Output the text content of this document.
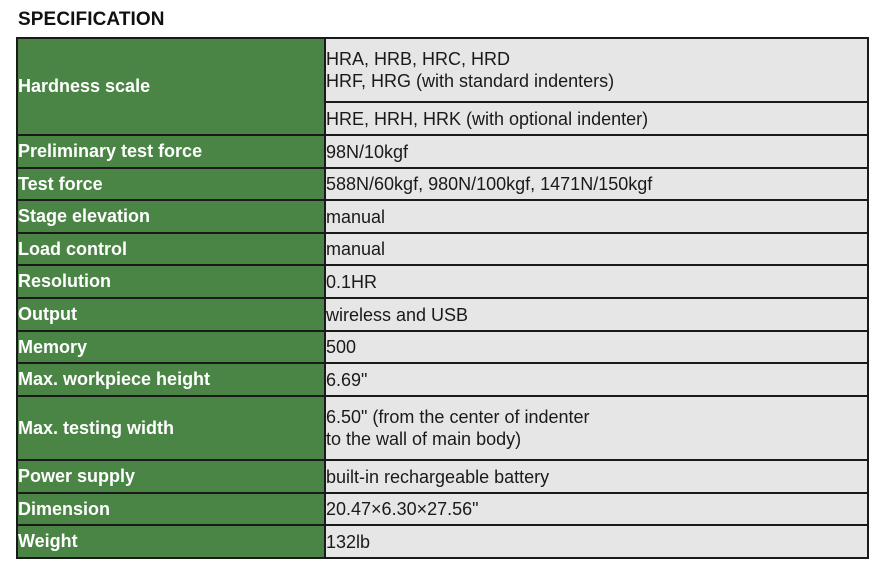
SPECIFICATION
Hardness scale	HRA, HRB, HRC, HRD
HRF, HRG (with standard indenters)

	HRE, HRH, HRK (with optional indenter)

Preliminary test force	98N/10kgf
Test force	588N/60kgf, 980N/100kgf, 1471N/150kgf
Stage elevation	manual
Load control	manual
Resolution	0.1HR
Output	wireless and USB
Memory	500
Max. workpiece height	6.69"
Max. testing width	6.50" (from the center of indenter
to the wall of main body)

Power supply	built-in rechargeable battery
Dimension	20.47×6.30×27.56"
Weight	132lb
